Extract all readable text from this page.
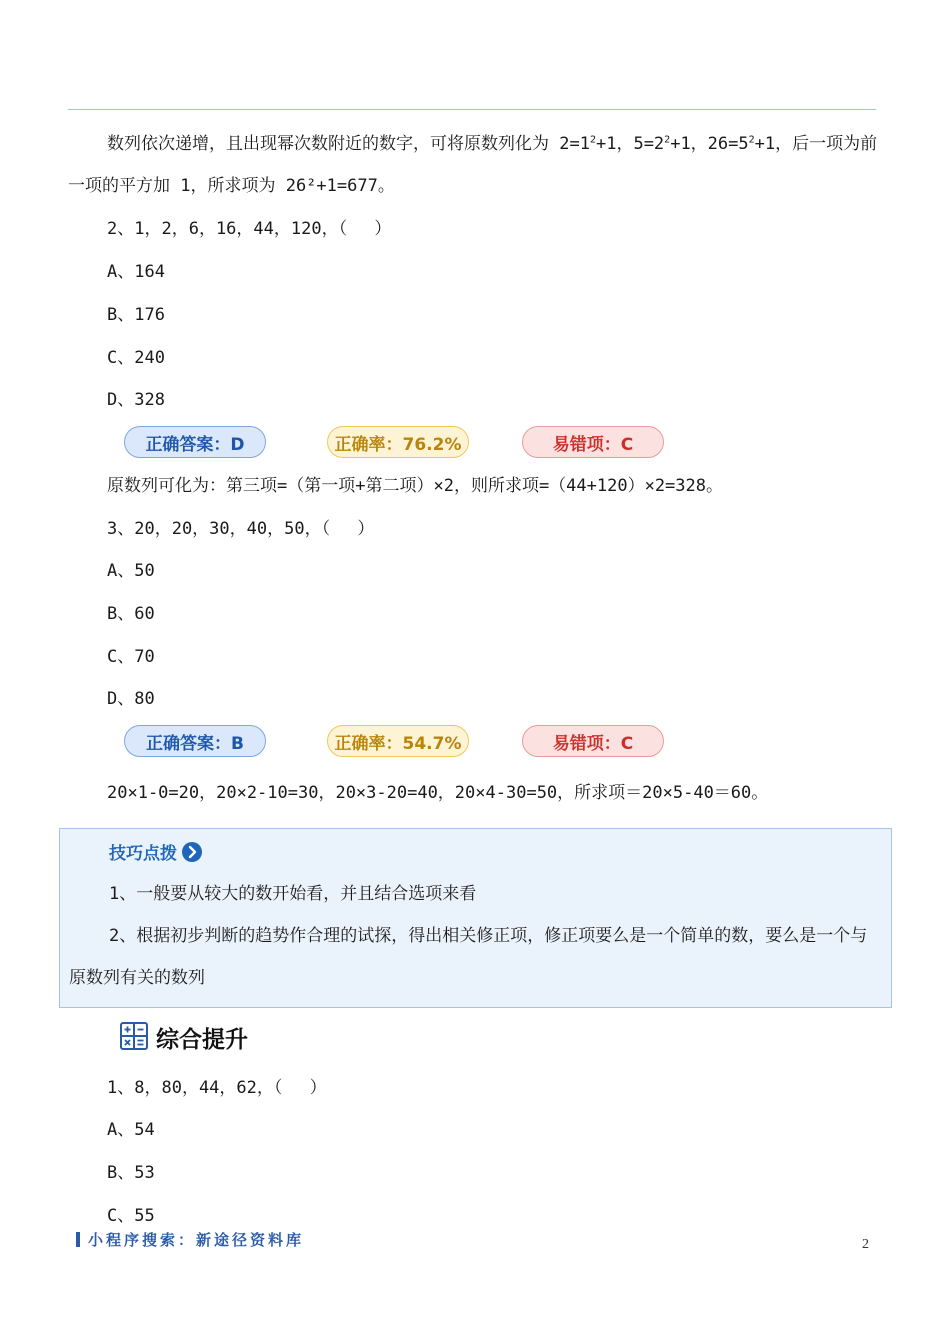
数列依次递增，且出现幂次数附近的数字，可将原数列化为 $2=1^2+1$，$5=2^2+1$，$26=5^2+1$，后一项为前一项的平方加 1，所求项为 26²+1=677。
2、1，2，6，16，44，120，（　 ）
A、164
B、176
C、240
D、328
正确答案：D	正确率：76.2%	易错项：C
原数列可化为：第三项=（第一项+第二项）×2，则所求项=（44+120）×2=328。
3、20，20，30，40，50，（　 ）
A、50
B、60
C、70
D、80
正确答案：B	正确率：54.7%	易错项：C
20×1-0=20，20×2-10=30，20×3-20=40，20×4-30=50，所求项＝20×5-40＝60。
技巧点拨
1、一般要从较大的数开始看，并且结合选项来看
2、根据初步判断的趋势作合理的试探，得出相关修正项，修正项要么是一个简单的数，要么是一个与原数列有关的数列
综合提升
1、8，80，44，62，（　 ）
A、54
B、53
C、55
小程序搜索：新途径资料库	2
